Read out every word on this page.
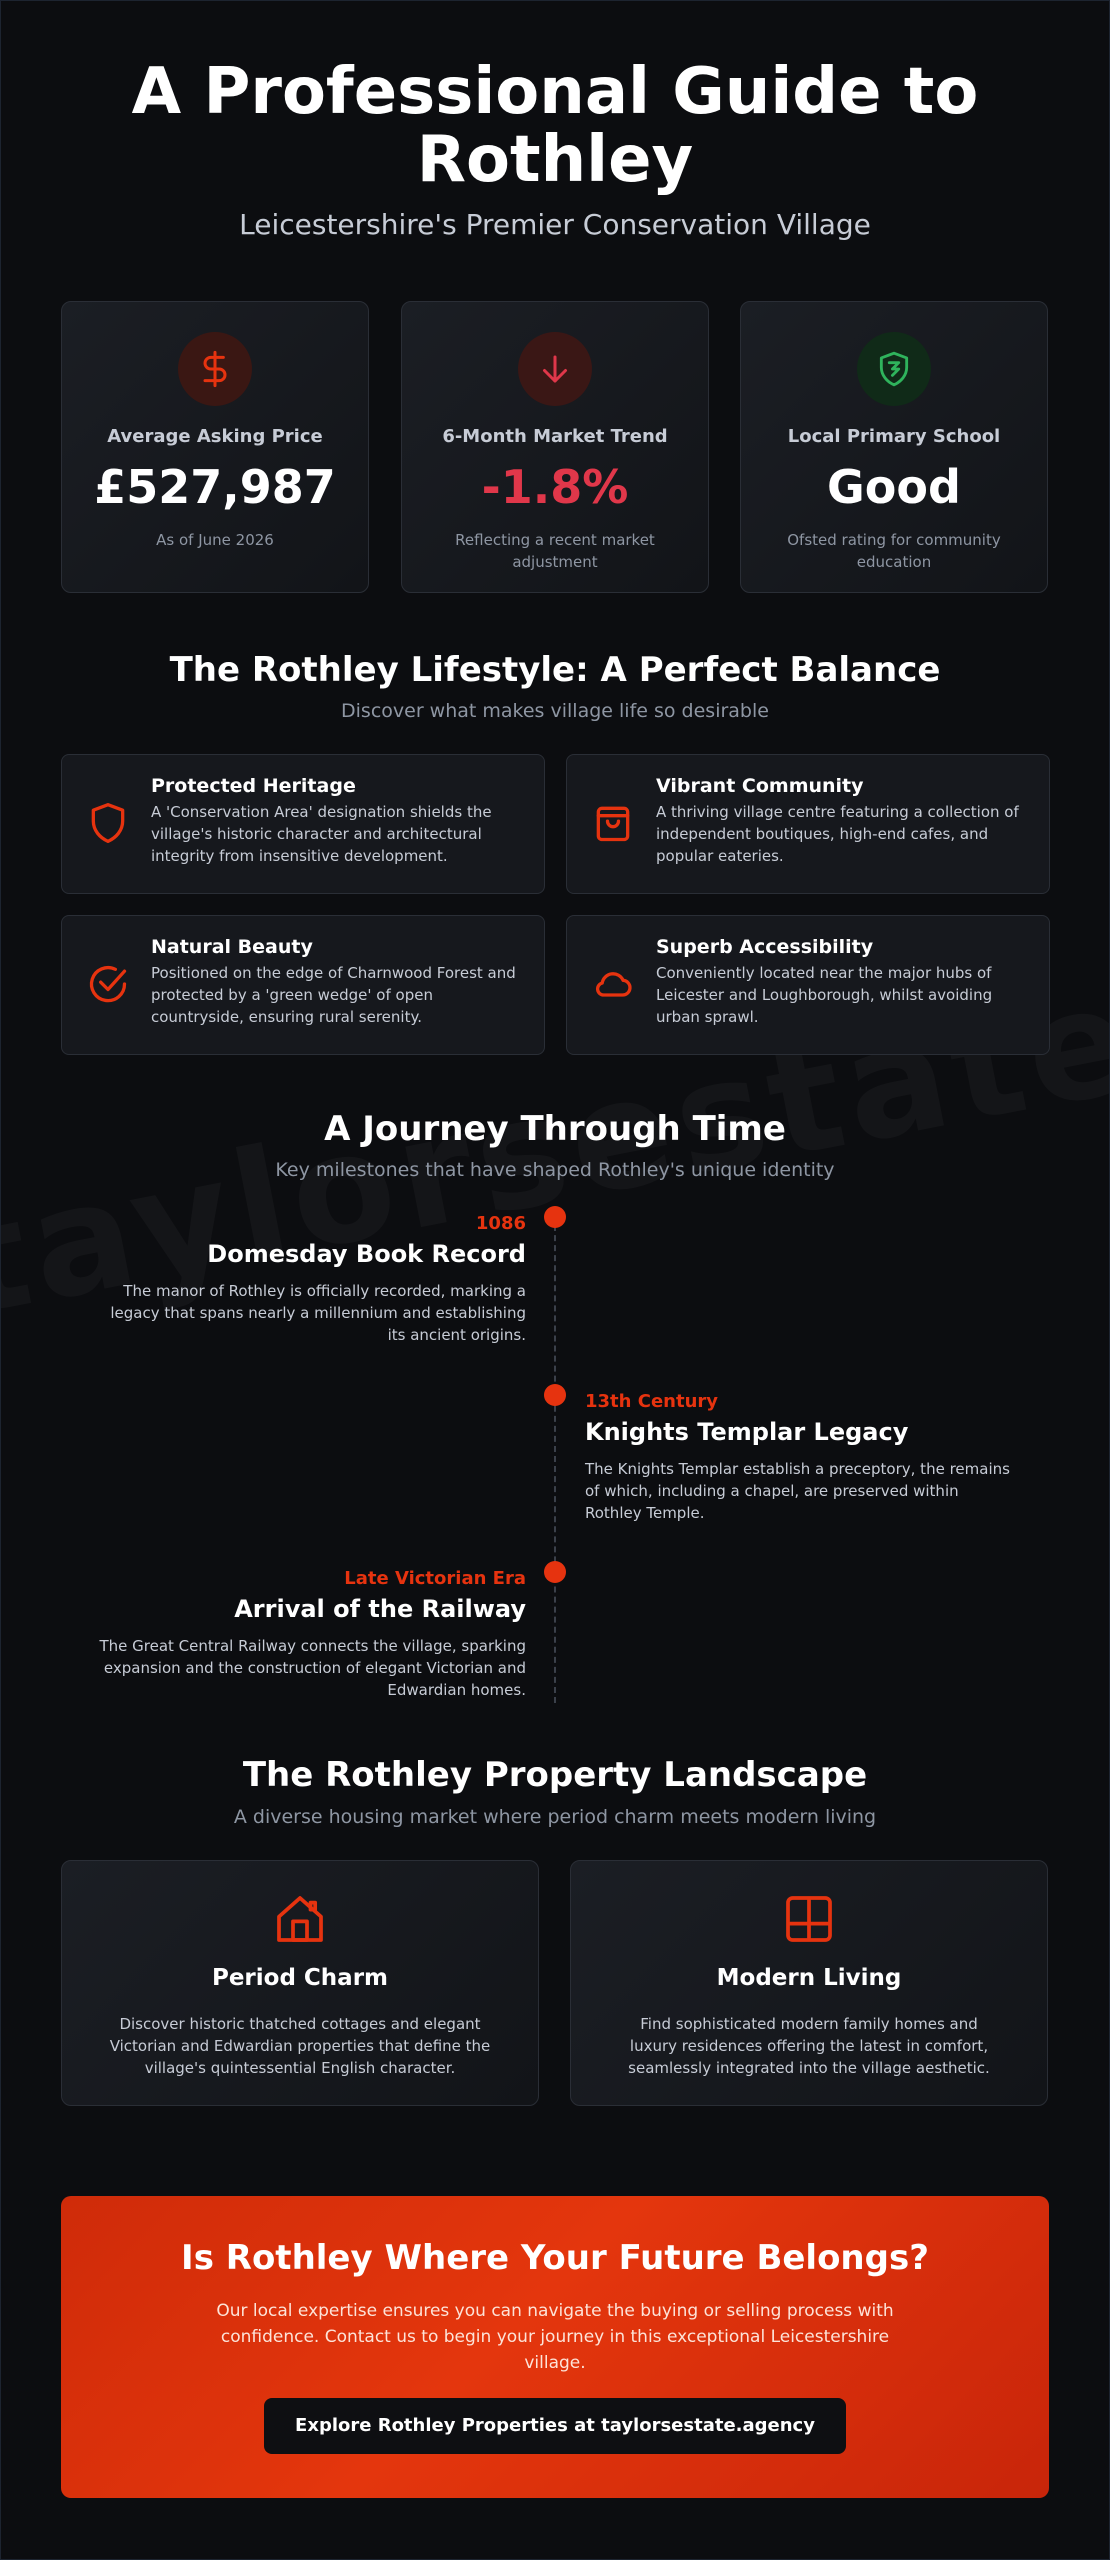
A Professional Guide to Rothley
Leicestershire's Premier Conservation Village
Average Asking Price
£527,987
As of June 2026
6-Month Market Trend
-1.8%
Reflecting a recent market adjustment
Local Primary School
Good
Ofsted rating for community education
The Rothley Lifestyle: A Perfect Balance
Discover what makes village life so desirable
Protected Heritage
A 'Conservation Area' designation shields the village's historic character and architectural integrity from insensitive development.
Vibrant Community
A thriving village centre featuring a collection of independent boutiques, high-end cafes, and popular eateries.
Natural Beauty
Positioned on the edge of Charnwood Forest and protected by a 'green wedge' of open countryside, ensuring rural serenity.
Superb Accessibility
Conveniently located near the major hubs of Leicester and Loughborough, whilst avoiding urban sprawl.
A Journey Through Time
Key milestones that have shaped Rothley's unique identity
1086
Domesday Book Record
The manor of Rothley is officially recorded, marking a legacy that spans nearly a millennium and establishing its ancient origins.
13th Century
Knights Templar Legacy
The Knights Templar establish a preceptory, the remains of which, including a chapel, are preserved within Rothley Temple.
Late Victorian Era
Arrival of the Railway
The Great Central Railway connects the village, sparking expansion and the construction of elegant Victorian and Edwardian homes.
The Rothley Property Landscape
A diverse housing market where period charm meets modern living
Period Charm
Discover historic thatched cottages and elegant Victorian and Edwardian properties that define the village's quintessential English character.
Modern Living
Find sophisticated modern family homes and luxury residences offering the latest in comfort, seamlessly integrated into the village aesthetic.
Is Rothley Where Your Future Belongs?
Our local expertise ensures you can navigate the buying or selling process with confidence. Contact us to begin your journey in this exceptional Leicestershire village.
Explore Rothley Properties at taylorsestate.agency
